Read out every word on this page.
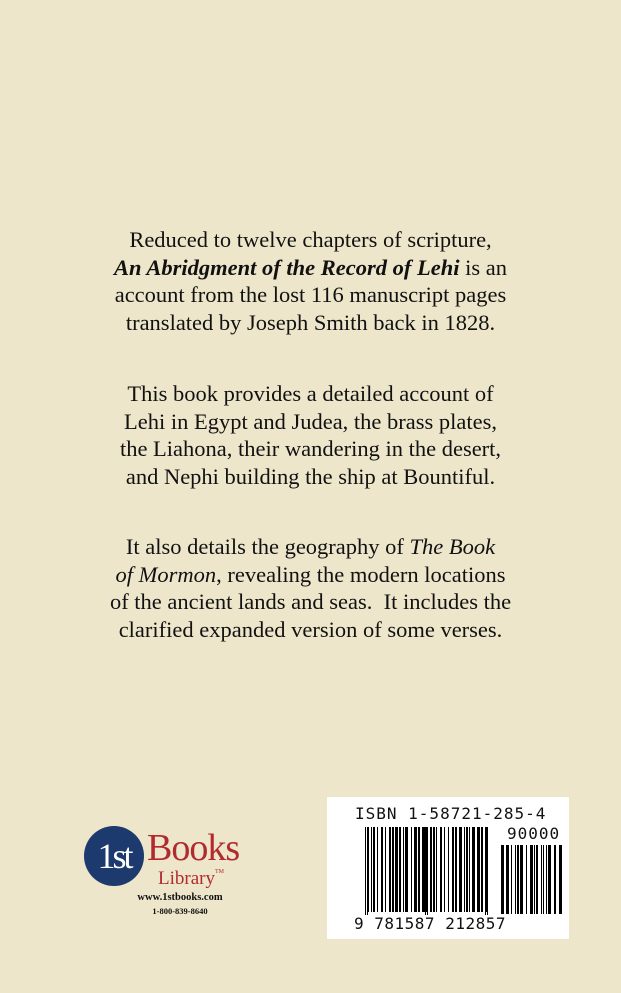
Reduced to twelve chapters of scripture,

An Abridgment of the Record of Lehi is an

account from the lost 116 manuscript pages

translated by Joseph Smith back in 1828.

This book provides a detailed account of

Lehi in Egypt and Judea, the brass plates,

the Liahona, their wandering in the desert,

and Nephi building the ship at Bountiful.

It also details the geography of The Book

of Mormon, revealing the modern locations

of the ancient lands and seas.  It includes the

clarified expanded version of some verses.

1st Books
Library™
www.1stbooks.com
1-800-839-8640
ISBN 1-58721-285-4
90000
9 781587 212857
